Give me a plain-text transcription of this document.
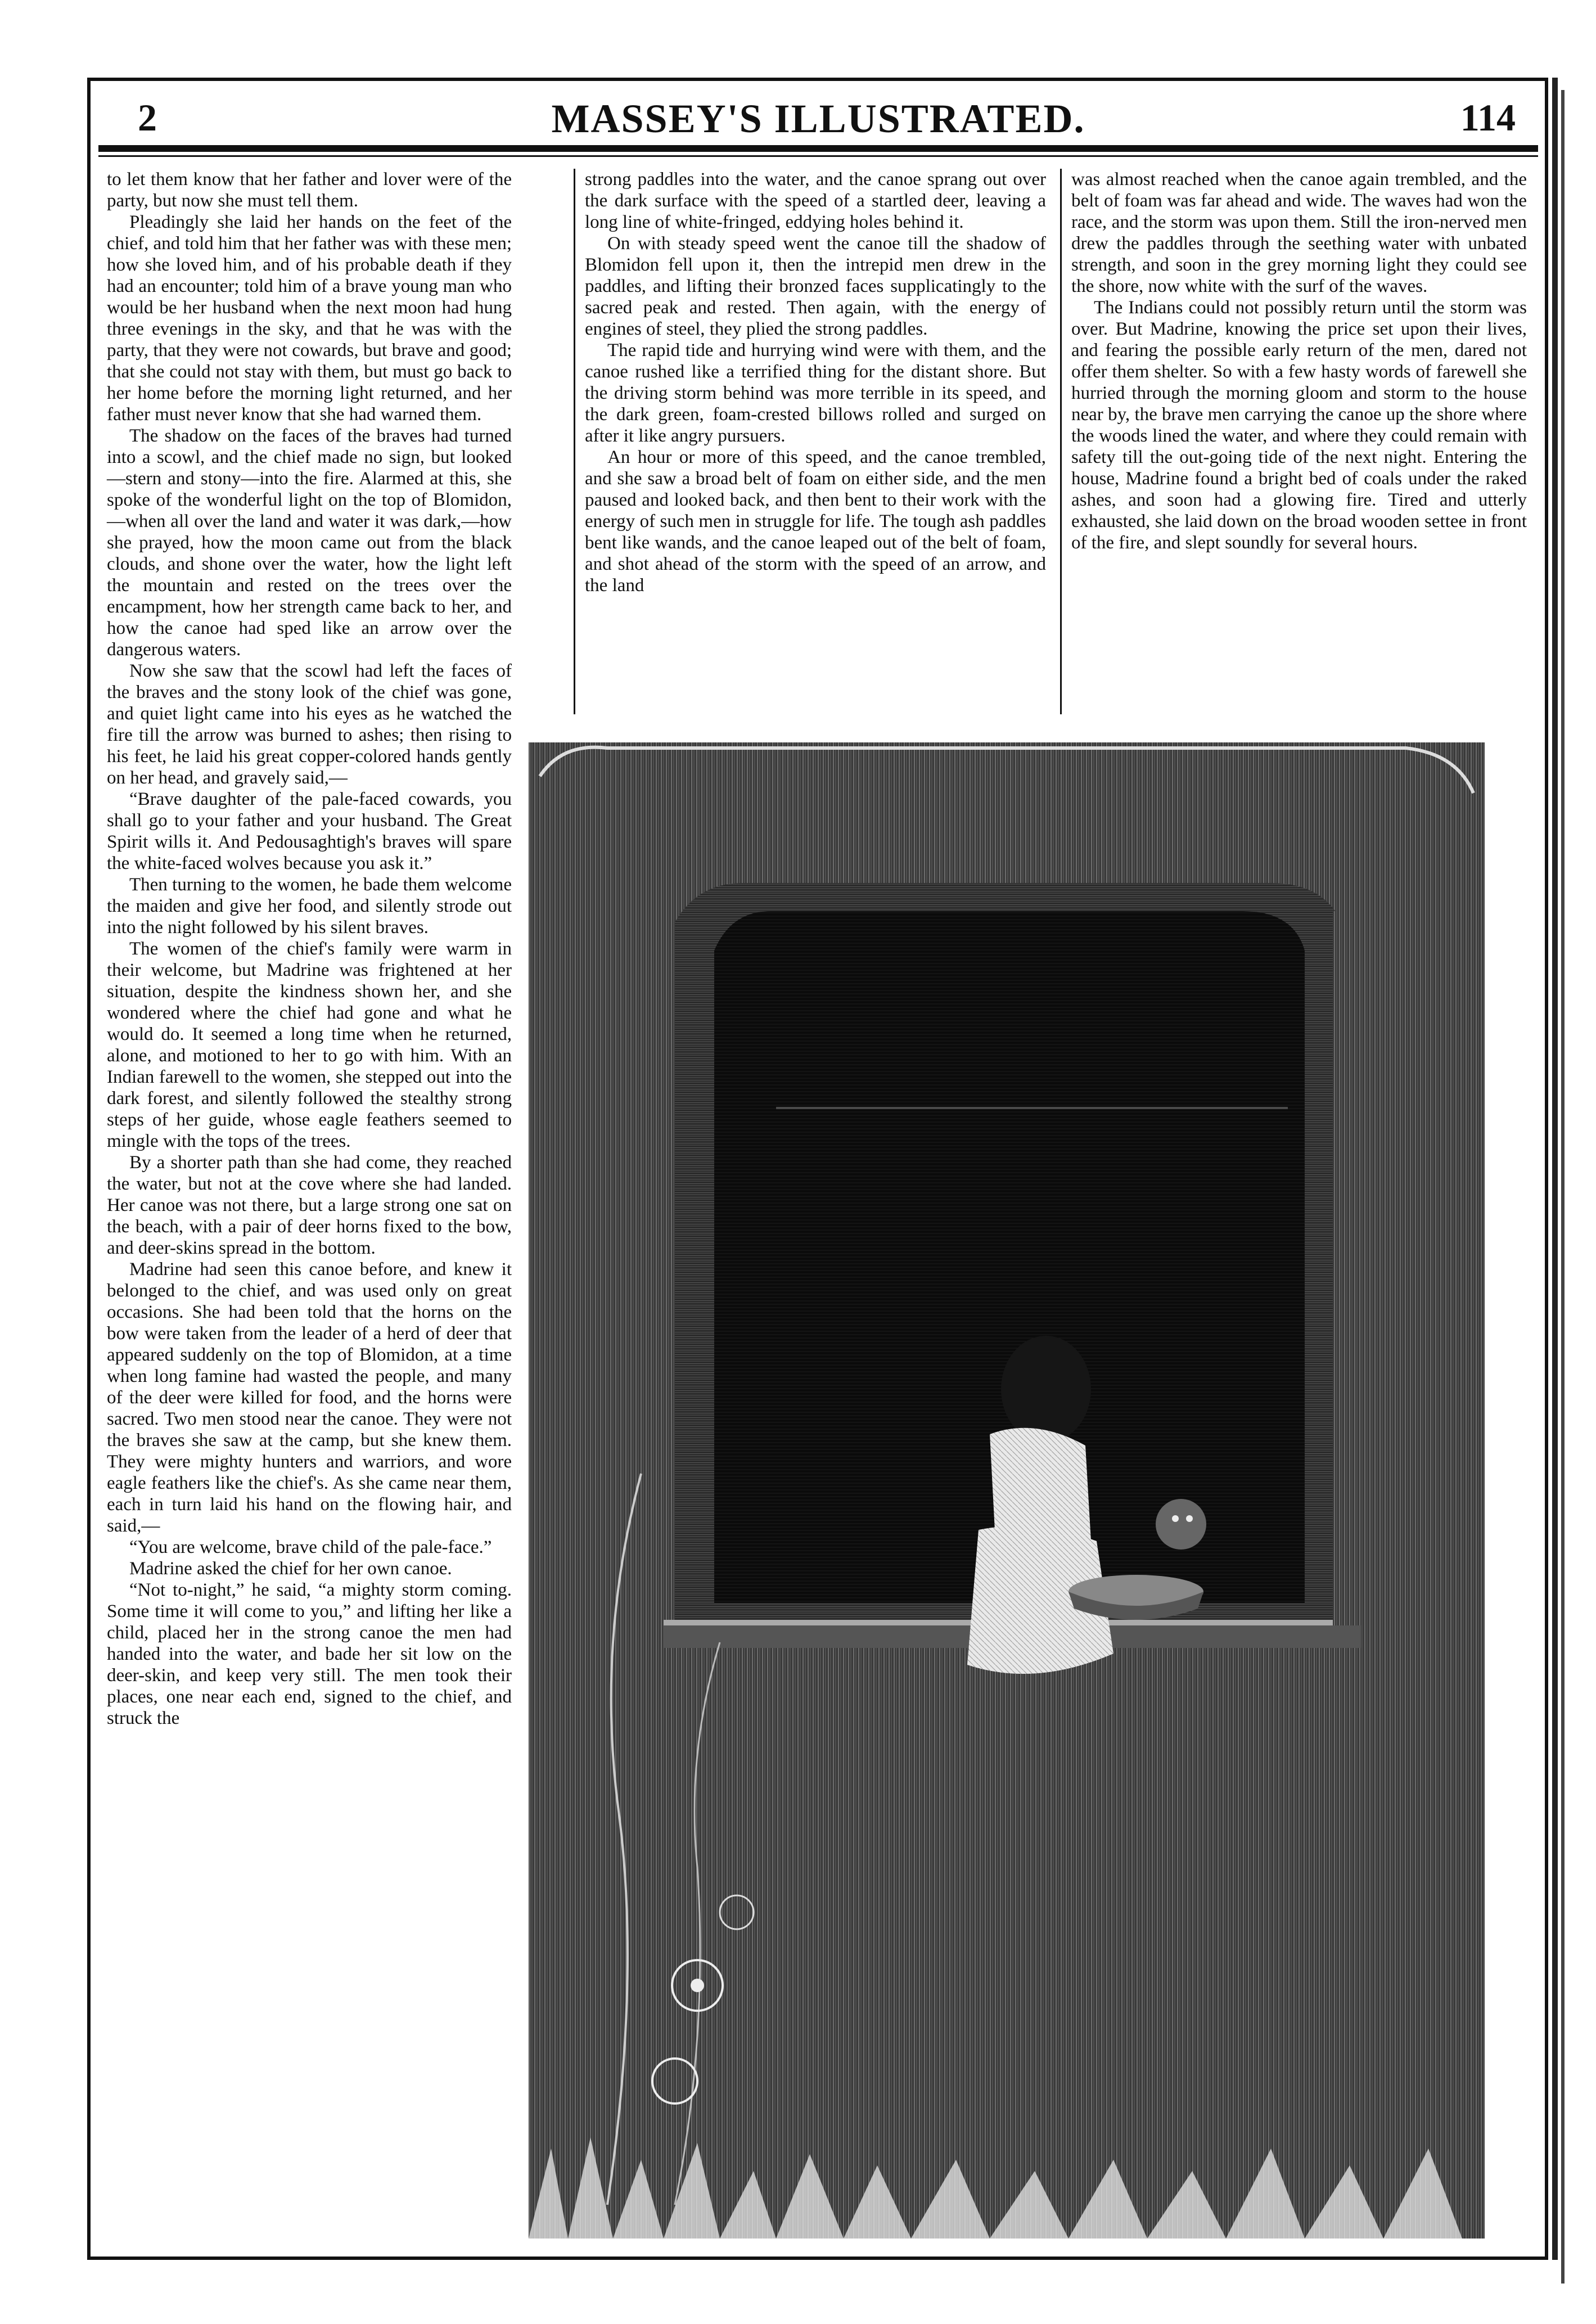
2	MASSEY'S ILLUSTRATED.	114

to let them know that her father and lover were of the party, but now she must tell them.

Pleadingly she laid her hands on the feet of the chief, and told him that her father was with these men; how she loved him, and of his probable death if they had an encounter; told him of a brave young man who would be her husband when the next moon had hung three evenings in the sky, and that he was with the party, that they were not cowards, but brave and good; that she could not stay with them, but must go back to her home before the morning light returned, and her father must never know that she had warned them.

The shadow on the faces of the braves had turned into a scowl, and the chief made no sign, but looked—stern and stony—into the fire. Alarmed at this, she spoke of the wonderful light on the top of Blomidon,—when all over the land and water it was dark,—how she prayed, how the moon came out from the black clouds, and shone over the water, how the light left the mountain and rested on the trees over the encampment, how her strength came back to her, and how the canoe had sped like an arrow over the dangerous waters.

Now she saw that the scowl had left the faces of the braves and the stony look of the chief was gone, and quiet light came into his eyes as he watched the fire till the arrow was burned to ashes; then rising to his feet, he laid his great copper-colored hands gently on her head, and gravely said,—

“Brave daughter of the pale-faced cowards, you shall go to your father and your husband. The Great Spirit wills it. And Pedousaghtigh's braves will spare the white-faced wolves because you ask it.”

Then turning to the women, he bade them welcome the maiden and give her food, and silently strode out into the night followed by his silent braves.

The women of the chief's family were warm in their welcome, but Madrine was frightened at her situation, despite the kindness shown her, and she wondered where the chief had gone and what he would do. It seemed a long time when he returned, alone, and motioned to her to go with him. With an Indian farewell to the women, she stepped out into the dark forest, and silently followed the stealthy strong steps of her guide, whose eagle feathers seemed to mingle with the tops of the trees.

By a shorter path than she had come, they reached the water, but not at the cove where she had landed. Her canoe was not there, but a large strong one sat on the beach, with a pair of deer horns fixed to the bow, and deer-skins spread in the bottom.

Madrine had seen this canoe before, and knew it belonged to the chief, and was used only on great occasions. She had been told that the horns on the bow were taken from the leader of a herd of deer that appeared suddenly on the top of Blomidon, at a time when long famine had wasted the people, and many of the deer were killed for food, and the horns were sacred. Two men stood near the canoe. They were not the braves she saw at the camp, but she knew them. They were mighty hunters and warriors, and wore eagle feathers like the chief's. As she came near them, each in turn laid his hand on the flowing hair, and said,—

“You are welcome, brave child of the pale-face.”

Madrine asked the chief for her own canoe.

“Not to-night,” he said, “a mighty storm coming. Some time it will come to you,” and lifting her like a child, placed her in the strong canoe the men had handed into the water, and bade her sit low on the deer-skin, and keep very still. The men took their places, one near each end, signed to the chief, and struck the

strong paddles into the water, and the canoe sprang out over the dark surface with the speed of a startled deer, leaving a long line of white-fringed, eddying holes behind it.

On with steady speed went the canoe till the shadow of Blomidon fell upon it, then the intrepid men drew in the paddles, and lifting their bronzed faces supplicatingly to the sacred peak and rested. Then again, with the energy of engines of steel, they plied the strong paddles.

The rapid tide and hurrying wind were with them, and the canoe rushed like a terrified thing for the distant shore. But the driving storm behind was more terrible in its speed, and the dark green, foam-crested billows rolled and surged on after it like angry pursuers.

An hour or more of this speed, and the canoe trembled, and she saw a broad belt of foam on either side, and the men paused and looked back, and then bent to their work with the energy of such men in struggle for life. The tough ash paddles bent like wands, and the canoe leaped out of the belt of foam, and shot ahead of the storm with the speed of an arrow, and the land

was almost reached when the canoe again trembled, and the belt of foam was far ahead and wide. The waves had won the race, and the storm was upon them. Still the iron-nerved men drew the paddles through the seething water with unbated strength, and soon in the grey morning light they could see the shore, now white with the surf of the waves.

The Indians could not possibly return until the storm was over. But Madrine, knowing the price set upon their lives, and fearing the possible early return of the men, dared not offer them shelter. So with a few hasty words of farewell she hurried through the morning gloom and storm to the house near by, the brave men carrying the canoe up the shore where the woods lined the water, and where they could remain with safety till the out-going tide of the next night. Entering the house, Madrine found a bright bed of coals under the raked ashes, and soon had a glowing fire. Tired and utterly exhausted, she laid down on the broad wooden settee in front of the fire, and slept soundly for several hours.
